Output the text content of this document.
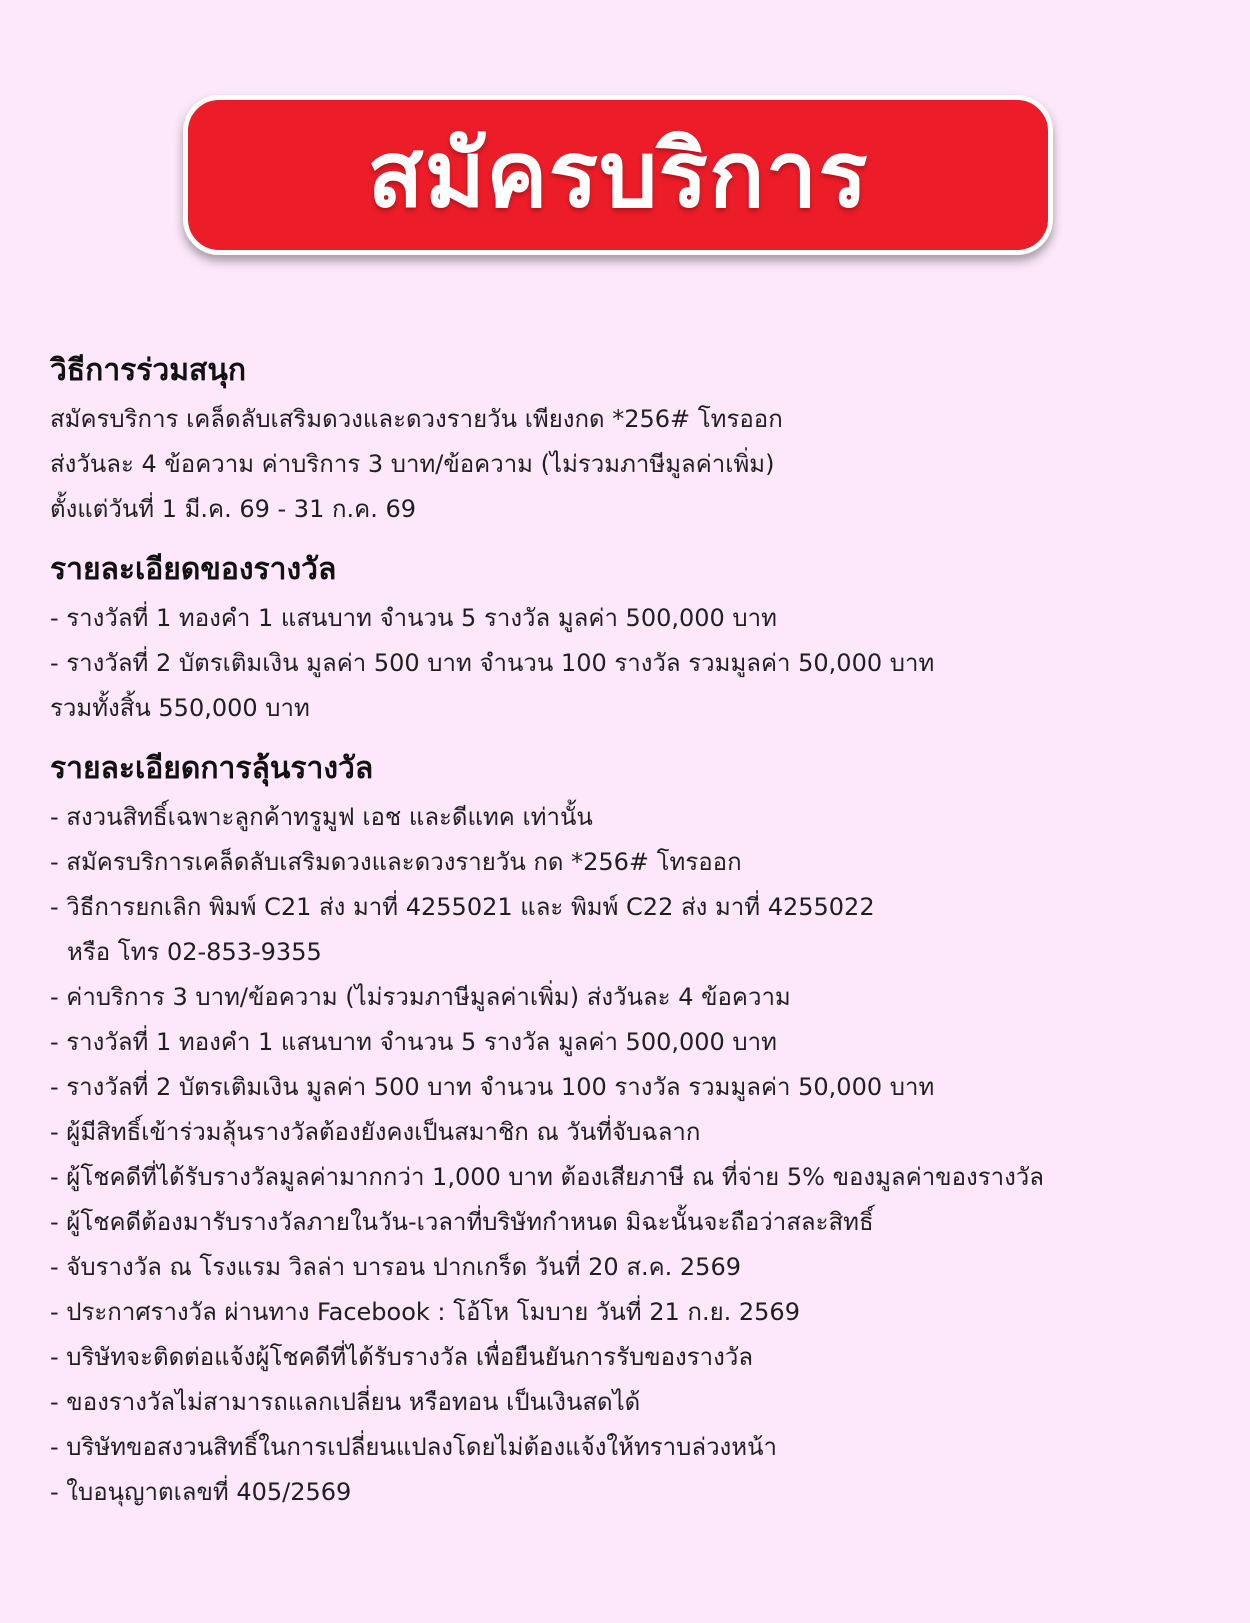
สมัครบริการ
วิธีการร่วมสนุก

สมัครบริการ เคล็ดลับเสริมดวงและดวงรายวัน เพียงกด *256# โทรออก

ส่งวันละ 4 ข้อความ ค่าบริการ 3 บาท/ข้อความ (ไม่รวมภาษีมูลค่าเพิ่ม)

ตั้งแต่วันที่ 1 มี.ค. 69 - 31 ก.ค. 69

รายละเอียดของรางวัล

- รางวัลที่ 1 ทองคำ 1 แสนบาท จำนวน 5 รางวัล มูลค่า 500,000 บาท

- รางวัลที่ 2 บัตรเติมเงิน มูลค่า 500 บาท จำนวน 100 รางวัล รวมมูลค่า 50,000 บาท

รวมทั้งสิ้น 550,000 บาท

รายละเอียดการลุ้นรางวัล

- สงวนสิทธิ์เฉพาะลูกค้าทรูมูฟ เอช และดีแทค เท่านั้น

- สมัครบริการเคล็ดลับเสริมดวงและดวงรายวัน กด *256# โทรออก

- วิธีการยกเลิก พิมพ์ C21 ส่ง มาที่ 4255021 และ พิมพ์ C22 ส่ง มาที่ 4255022

หรือ โทร 02-853-9355

- ค่าบริการ 3 บาท/ข้อความ (ไม่รวมภาษีมูลค่าเพิ่ม) ส่งวันละ 4 ข้อความ

- รางวัลที่ 1 ทองคำ 1 แสนบาท จำนวน 5 รางวัล มูลค่า 500,000 บาท

- รางวัลที่ 2 บัตรเติมเงิน มูลค่า 500 บาท จำนวน 100 รางวัล รวมมูลค่า 50,000 บาท

- ผู้มีสิทธิ์เข้าร่วมลุ้นรางวัลต้องยังคงเป็นสมาชิก ณ วันที่จับฉลาก

- ผู้โชคดีที่ได้รับรางวัลมูลค่ามากกว่า 1,000 บาท ต้องเสียภาษี ณ ที่จ่าย 5% ของมูลค่าของรางวัล

- ผู้โชคดีต้องมารับรางวัลภายในวัน-เวลาที่บริษัทกำหนด มิฉะนั้นจะถือว่าสละสิทธิ์

- จับรางวัล ณ โรงแรม วิลล่า บารอน ปากเกร็ด วันที่ 20 ส.ค. 2569

- ประกาศรางวัล ผ่านทาง Facebook : โอ้โห โมบาย วันที่ 21 ก.ย. 2569

- บริษัทจะติดต่อแจ้งผู้โชคดีที่ได้รับรางวัล เพื่อยืนยันการรับของรางวัล

- ของรางวัลไม่สามารถแลกเปลี่ยน หรือทอน เป็นเงินสดได้

- บริษัทขอสงวนสิทธิ์ในการเปลี่ยนแปลงโดยไม่ต้องแจ้งให้ทราบล่วงหน้า

- ใบอนุญาตเลขที่ 405/2569
